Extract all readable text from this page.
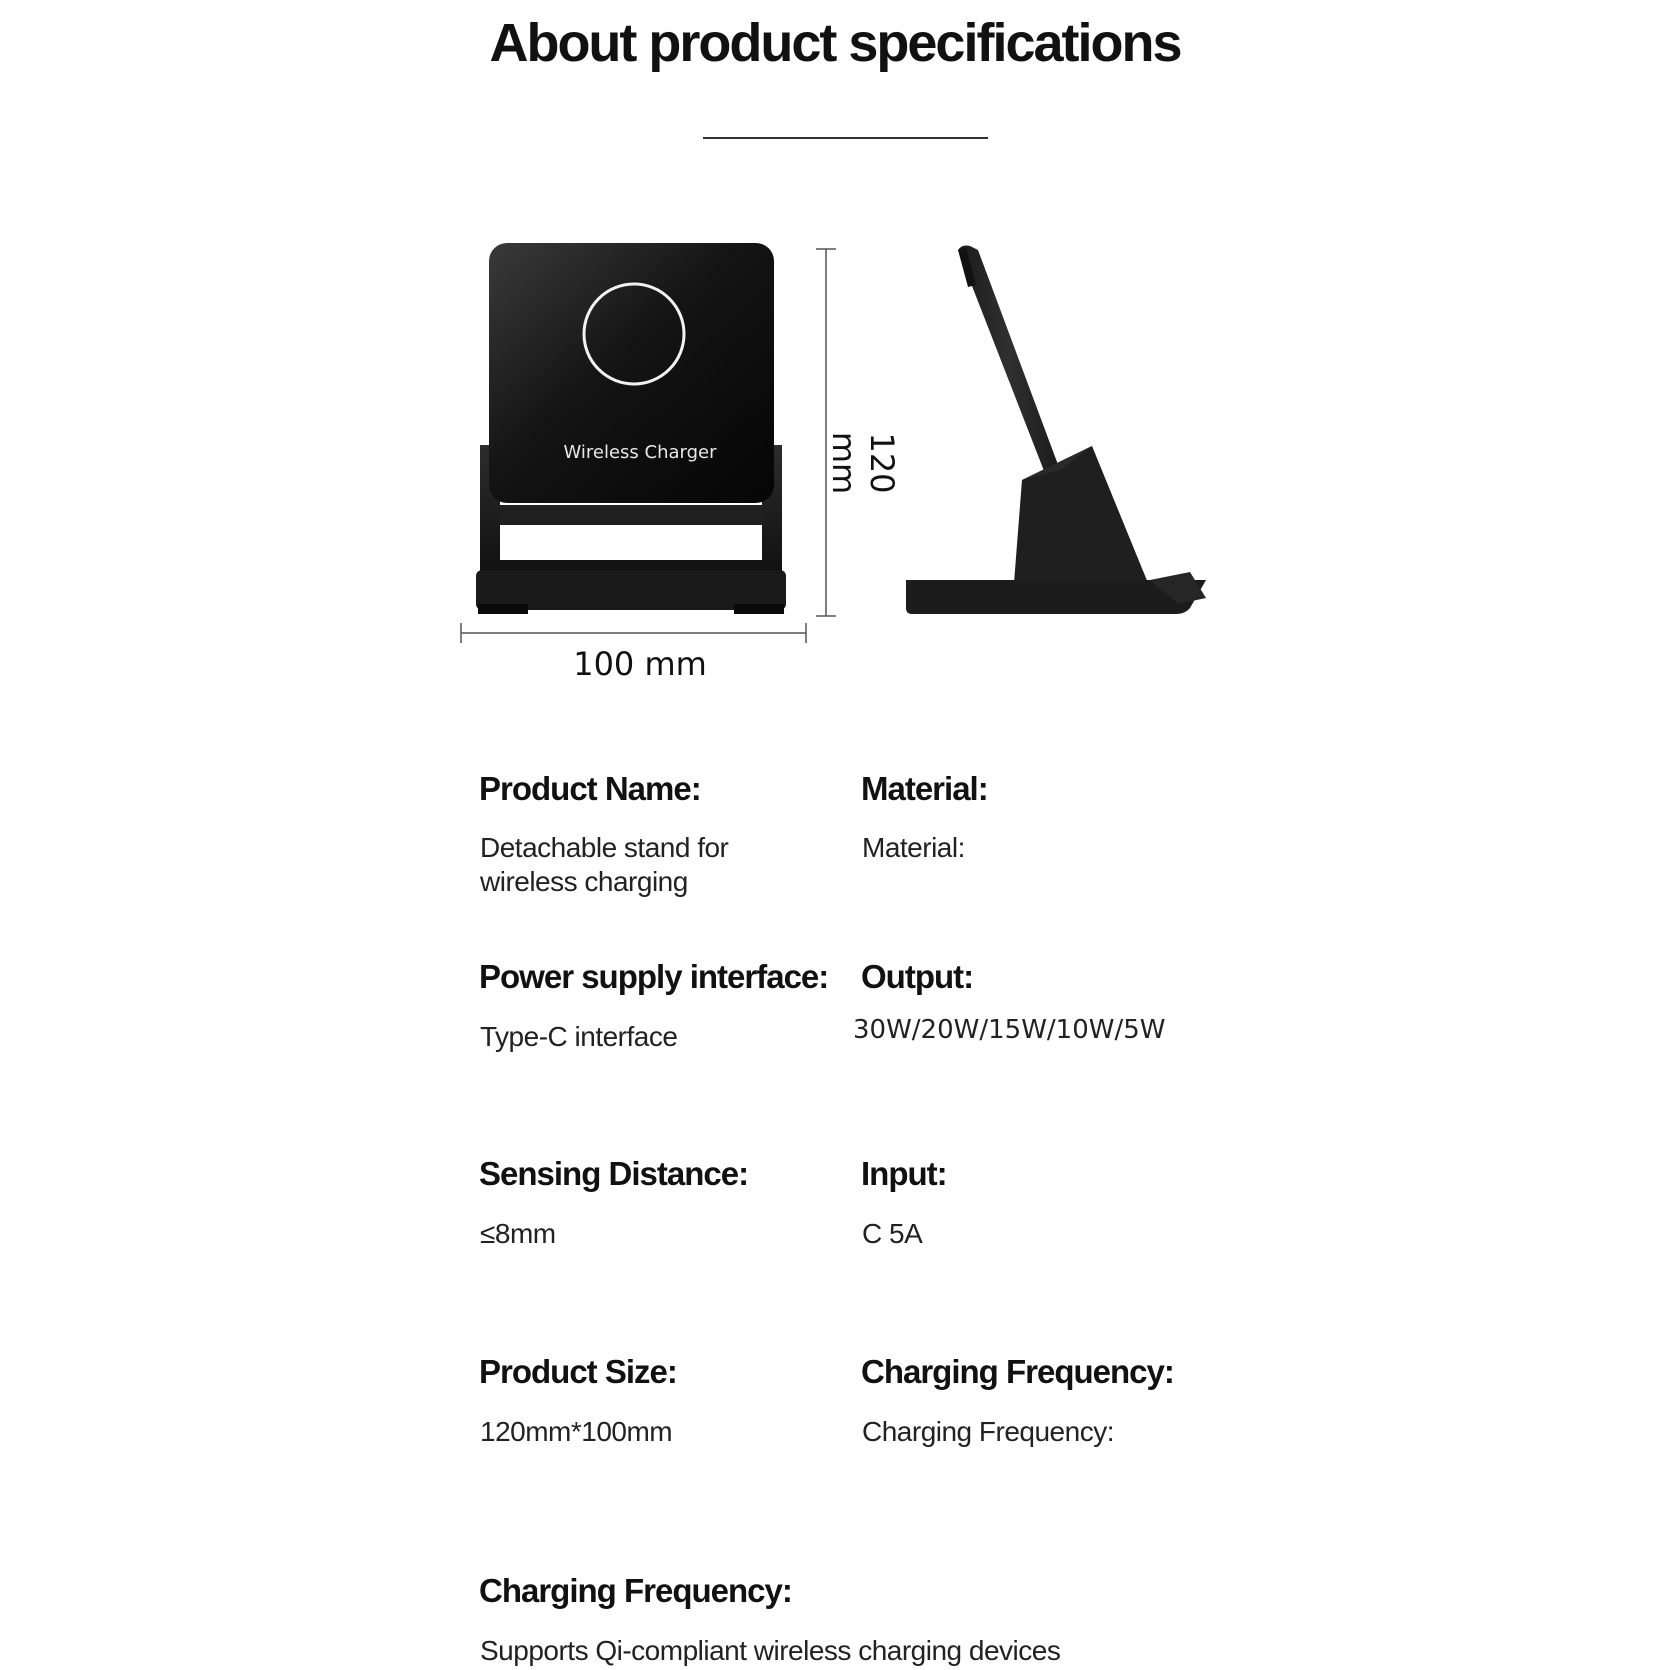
About product specifications
Wireless Charger
100 mm
120 mm
Product Name:
Detachable stand for
wireless charging
Material:
Material:
Power supply interface:
Type-C interface
Output:
30W/20W/15W/10W/5W
Sensing Distance:
≤8mm
Input:
C 5A
Product Size:
120mm*100mm
Charging Frequency:
Charging Frequency:
Charging Frequency:
Supports Qi-compliant wireless charging devices
